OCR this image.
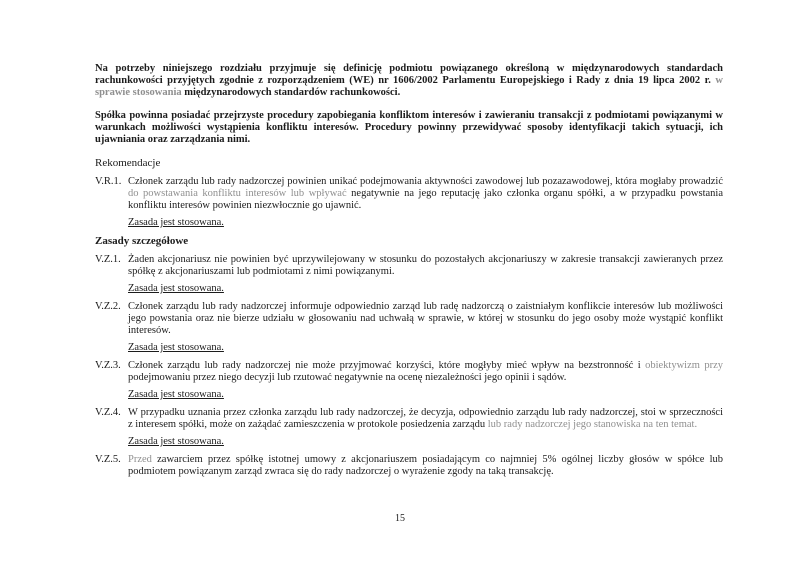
Na potrzeby niniejszego rozdziału przyjmuje się definicję podmiotu powiązanego określoną w międzynarodowych standardach rachunkowości przyjętych zgodnie z rozporządzeniem (WE) nr 1606/2002 Parlamentu Europejskiego i Rady z dnia 19 lipca 2002 r. w sprawie stosowania międzynarodowych standardów rachunkowości.

Spółka powinna posiadać przejrzyste procedury zapobiegania konfliktom interesów i zawieraniu transakcji z podmiotami powiązanymi w warunkach możliwości wystąpienia konfliktu interesów. Procedury powinny przewidywać sposoby identyfikacji takich sytuacji, ich ujawniania oraz zarządzania nimi.

Rekomendacje

V.R.1. Członek zarządu lub rady nadzorczej powinien unikać podejmowania aktywności zawodowej lub pozazawodowej, która mogłaby prowadzić do powstawania konfliktu interesów lub wpływać negatywnie na jego reputację jako członka organu spółki, a w przypadku powstania konfliktu interesów powinien niezwłocznie go ujawnić.

Zasada jest stosowana.

Zasady szczegółowe

V.Z.1. Żaden akcjonariusz nie powinien być uprzywilejowany w stosunku do pozostałych akcjonariuszy w zakresie transakcji zawieranych przez spółkę z akcjonariuszami lub podmiotami z nimi powiązanymi.

Zasada jest stosowana.

V.Z.2. Członek zarządu lub rady nadzorczej informuje odpowiednio zarząd lub radę nadzorczą o zaistniałym konflikcie interesów lub możliwości jego powstania oraz nie bierze udziału w głosowaniu nad uchwałą w sprawie, w której w stosunku do jego osoby może wystąpić konflikt interesów.

Zasada jest stosowana.

V.Z.3. Członek zarządu lub rady nadzorczej nie może przyjmować korzyści, które mogłyby mieć wpływ na bezstronność i obiektywizm przy podejmowaniu przez niego decyzji lub rzutować negatywnie na ocenę niezależności jego opinii i sądów.

Zasada jest stosowana.

V.Z.4. W przypadku uznania przez członka zarządu lub rady nadzorczej, że decyzja, odpowiednio zarządu lub rady nadzorczej, stoi w sprzeczności z interesem spółki, może on zażądać zamieszczenia w protokole posiedzenia zarządu lub rady nadzorczej jego stanowiska na ten temat.

Zasada jest stosowana.

V.Z.5. Przed zawarciem przez spółkę istotnej umowy z akcjonariuszem posiadającym co najmniej 5% ogólnej liczby głosów w spółce lub podmiotem powiązanym zarząd zwraca się do rady nadzorczej o wyrażenie zgody na taką transakcję.

15
